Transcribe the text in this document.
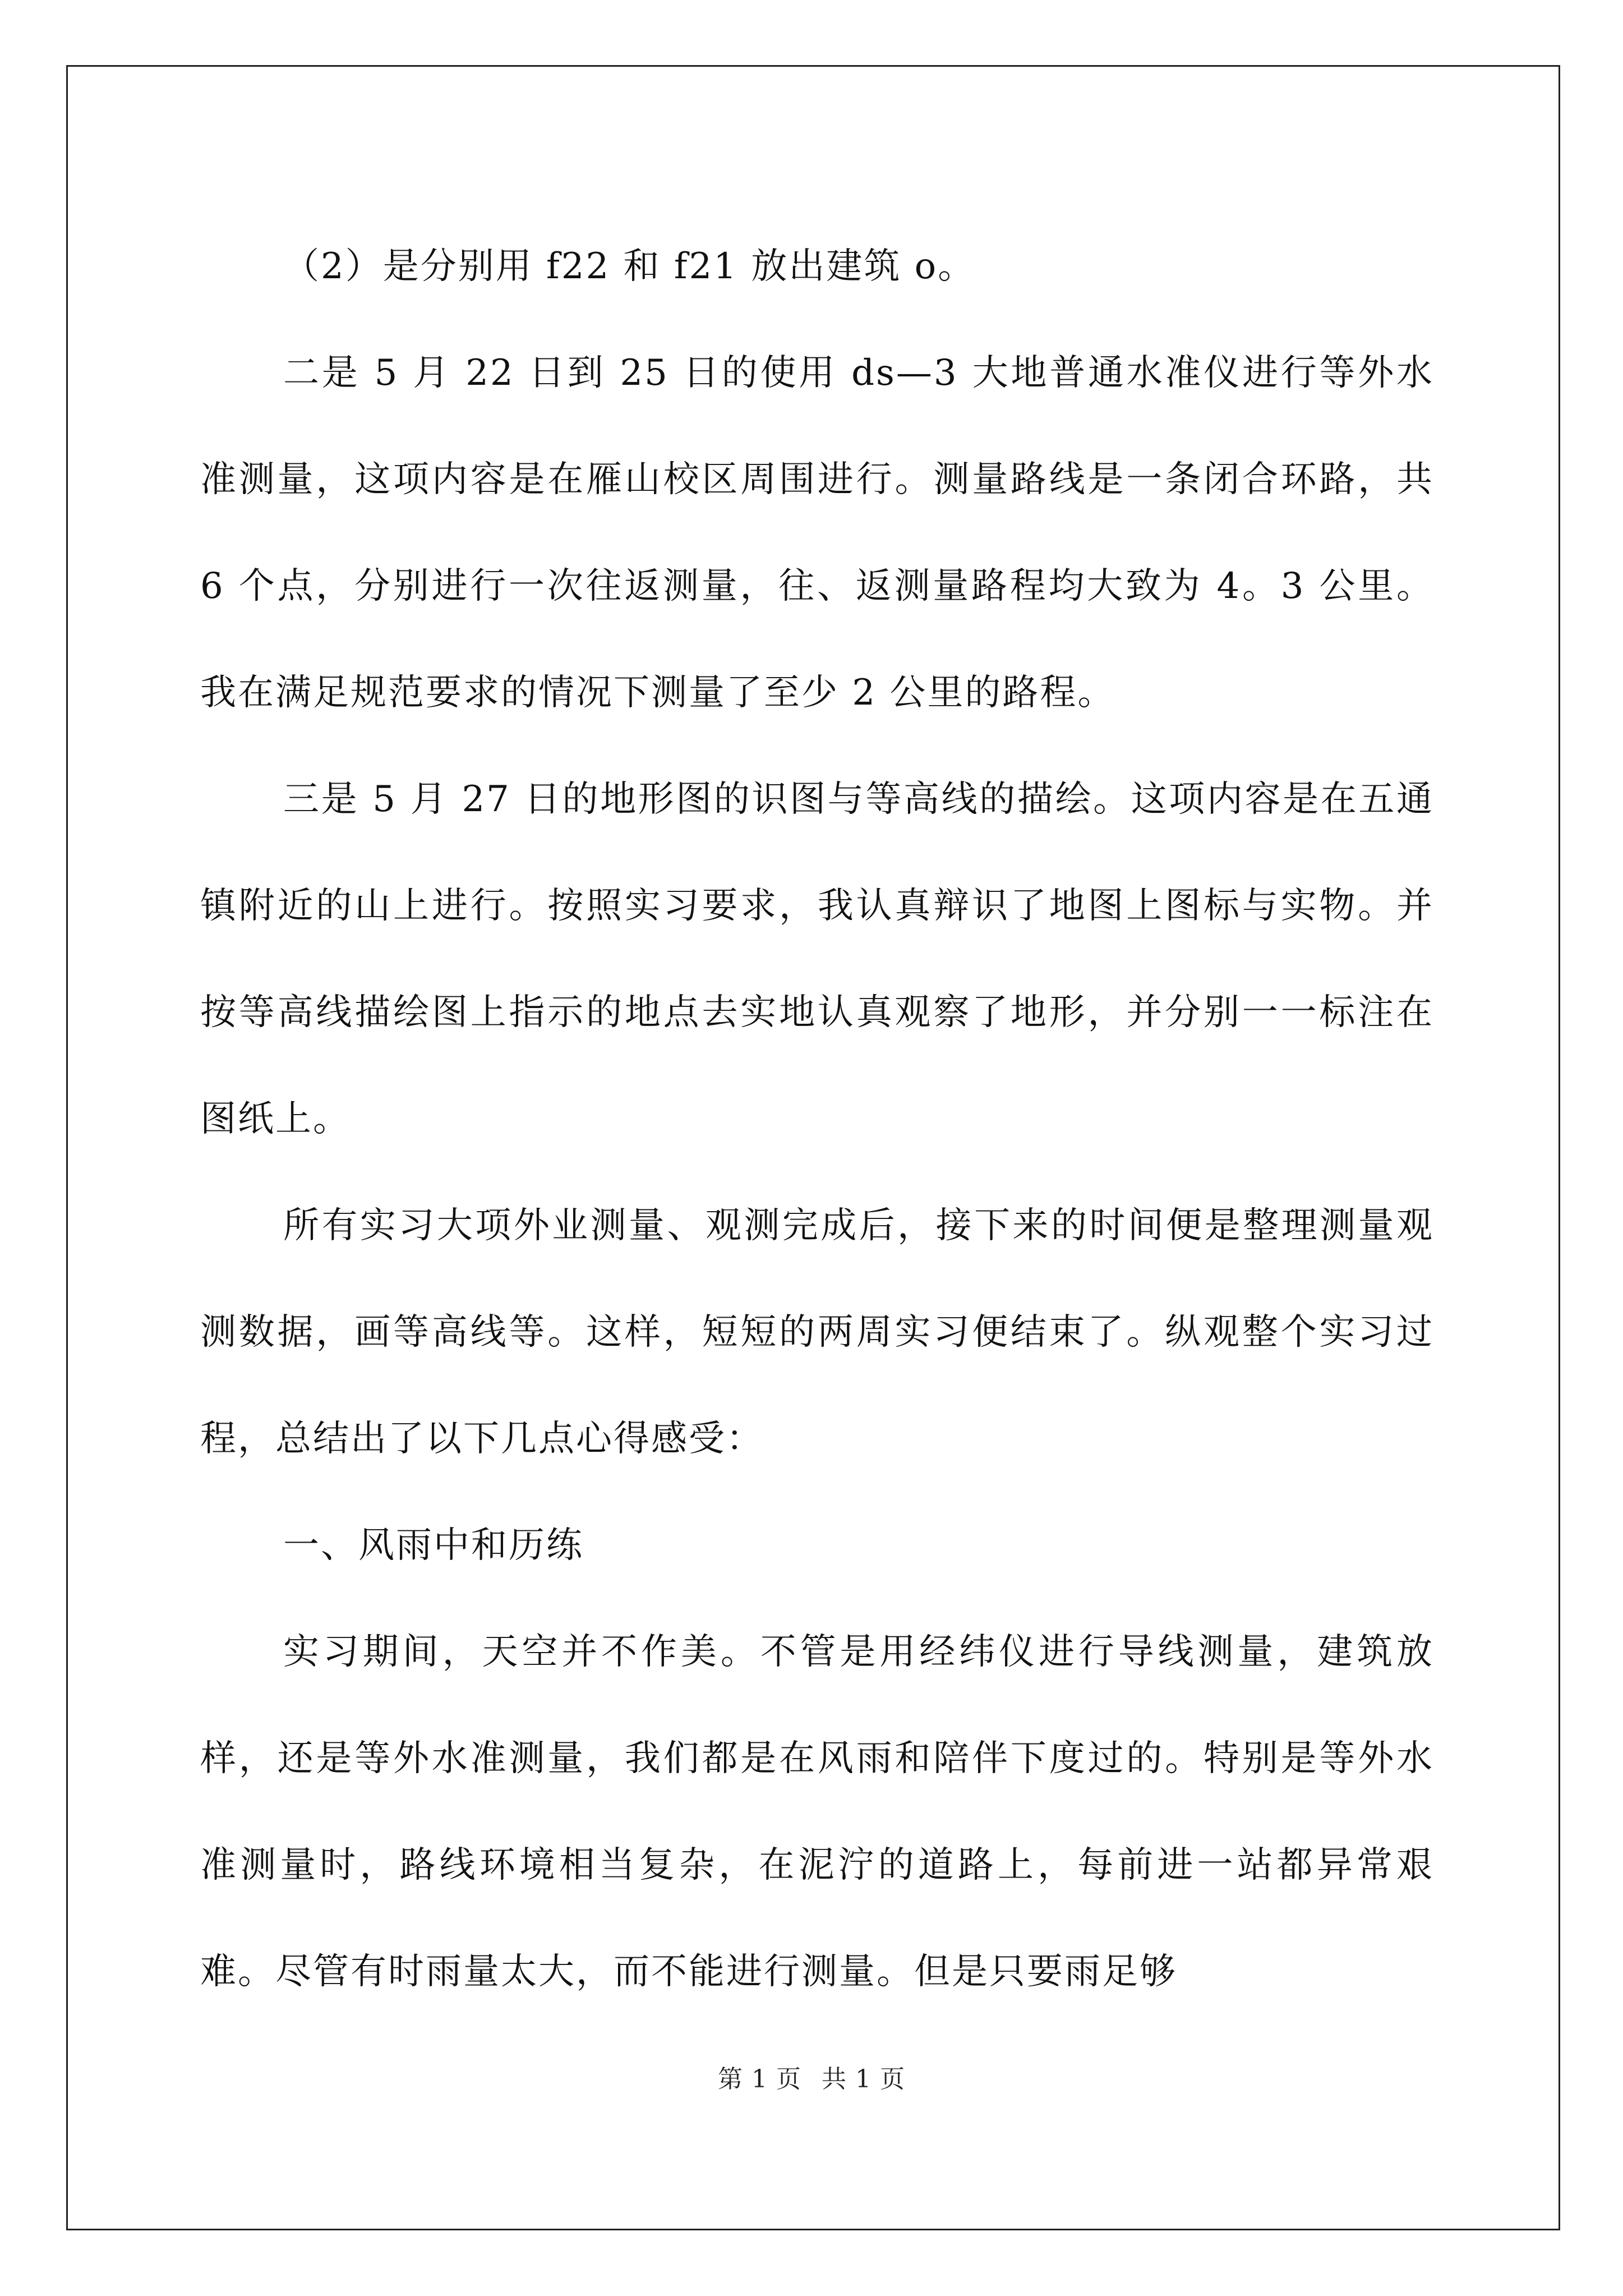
（2）是分别用 f22 和 f21 放出建筑 o。

二是 5 月 22 日到 25 日的使用 ds—3 大地普通水准仪进行等外水准测量，这项内容是在雁山校区周围进行。测量路线是一条闭合环路，共 6 个点，分别进行一次往返测量，往、返测量路程均大致为 4。3 公里。我在满足规范要求的情况下测量了至少 2 公里的路程。

三是 5 月 27 日的地形图的识图与等高线的描绘。这项内容是在五通镇附近的山上进行。按照实习要求，我认真辩识了地图上图标与实物。并按等高线描绘图上指示的地点去实地认真观察了地形，并分别一一标注在图纸上。

所有实习大项外业测量、观测完成后，接下来的时间便是整理测量观测数据，画等高线等。这样，短短的两周实习便结束了。纵观整个实习过程，总结出了以下几点心得感受：

一、风雨中和历练

实习期间，天空并不作美。不管是用经纬仪进行导线测量，建筑放样，还是等外水准测量，我们都是在风雨和陪伴下度过的。特别是等外水准测量时，路线环境相当复杂，在泥泞的道路上，每前进一站都异常艰难。尽管有时雨量太大，而不能进行测量。但是只要雨足够

第 1 页 共 1 页
